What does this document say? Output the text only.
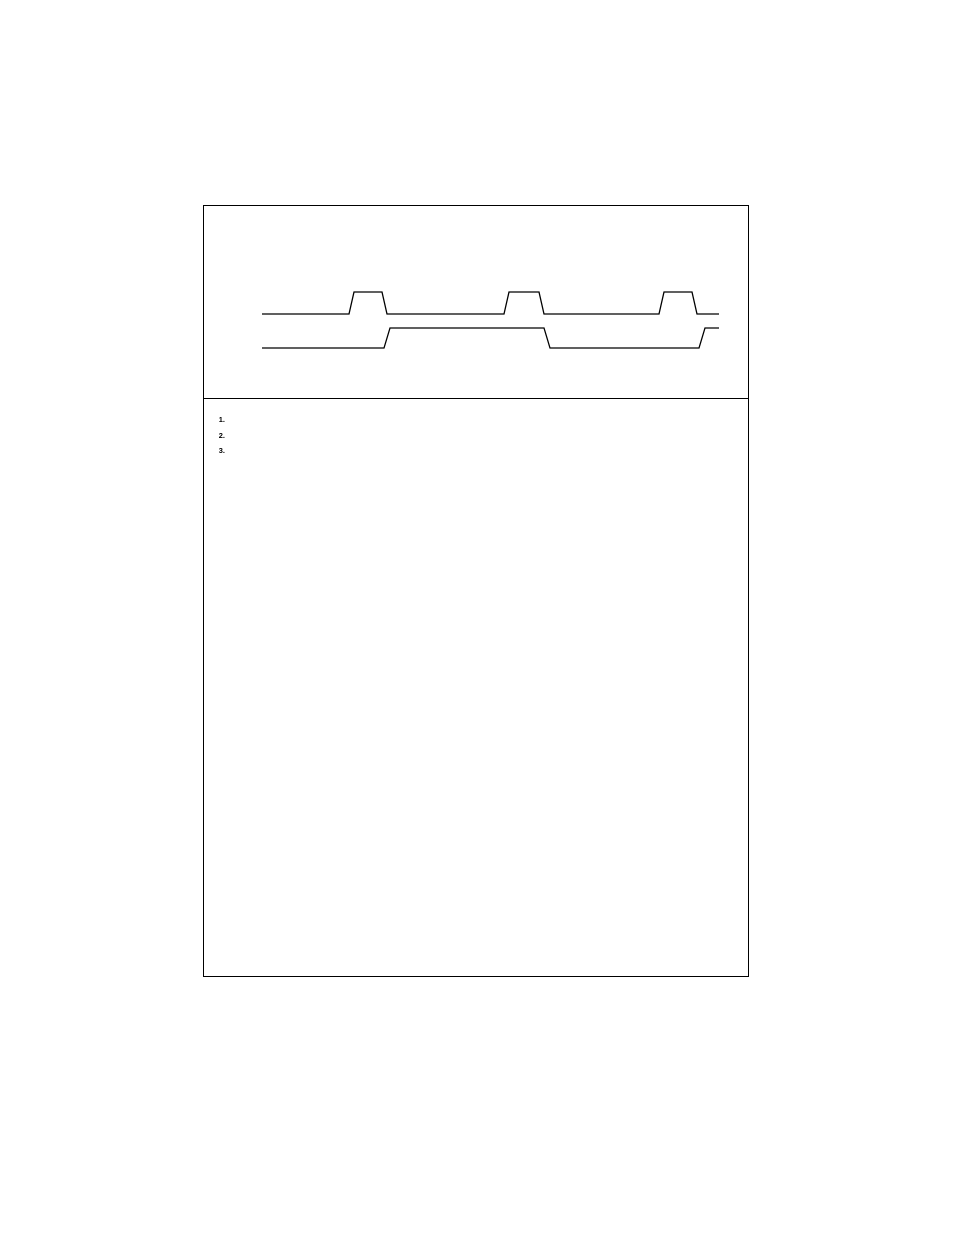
1.
2.
3.
